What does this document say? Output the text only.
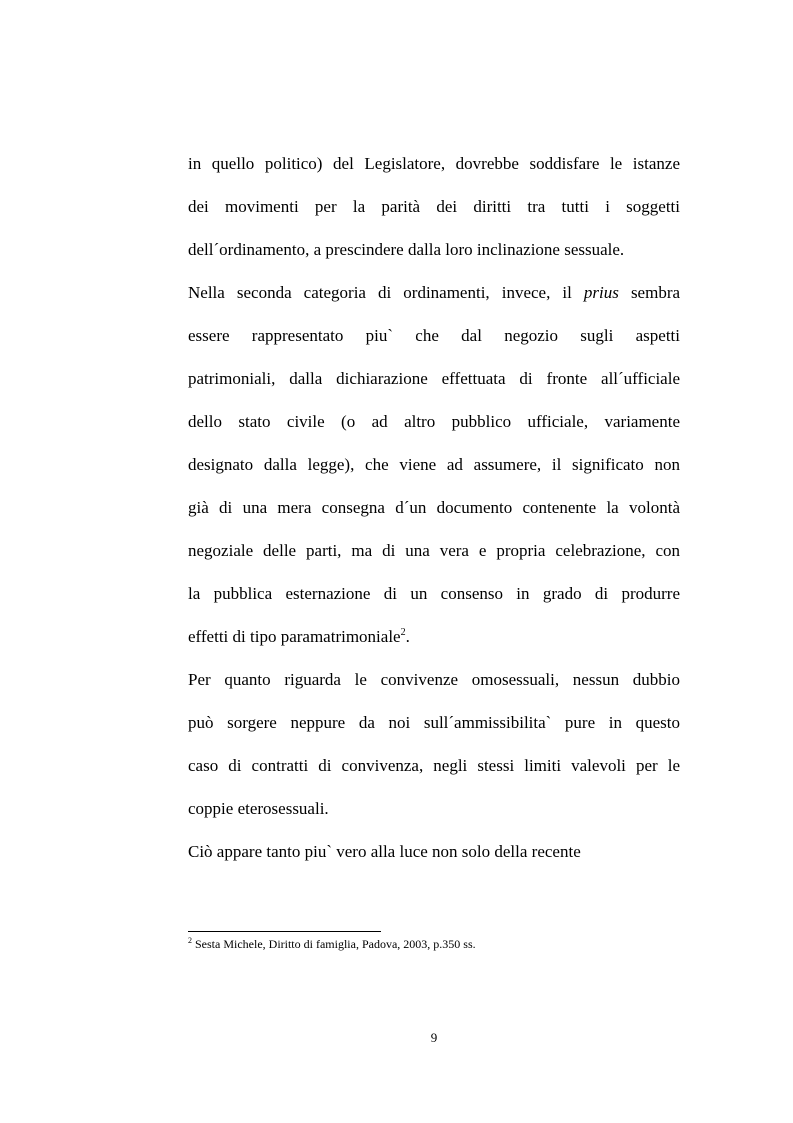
in quello politico) del Legislatore, dovrebbe soddisfare le istanze
dei movimenti per la parità dei diritti tra tutti i soggetti
dell´ordinamento, a prescindere dalla loro inclinazione sessuale.
Nella seconda categoria di ordinamenti, invece, il prius sembra
essere rappresentato piu` che dal negozio sugli aspetti
patrimoniali, dalla dichiarazione effettuata di fronte all´ufficiale
dello stato civile (o ad altro pubblico ufficiale, variamente
designato dalla legge), che viene ad assumere, il significato non
già di una mera consegna d´un documento contenente la volontà
negoziale delle parti, ma di una vera e propria celebrazione, con
la pubblica esternazione di un consenso in grado di produrre
effetti di tipo paramatrimoniale$^2$.
Per quanto riguarda le convivenze omosessuali, nessun dubbio
può sorgere neppure da noi sull´ammissibilita` pure in questo
caso di contratti di convivenza, negli stessi limiti valevoli per le
coppie eterosessuali.
Ciò appare tanto piu` vero alla luce non solo della recente
$^2$ Sesta Michele, Diritto di famiglia, Padova, 2003, p.350 ss.
9
